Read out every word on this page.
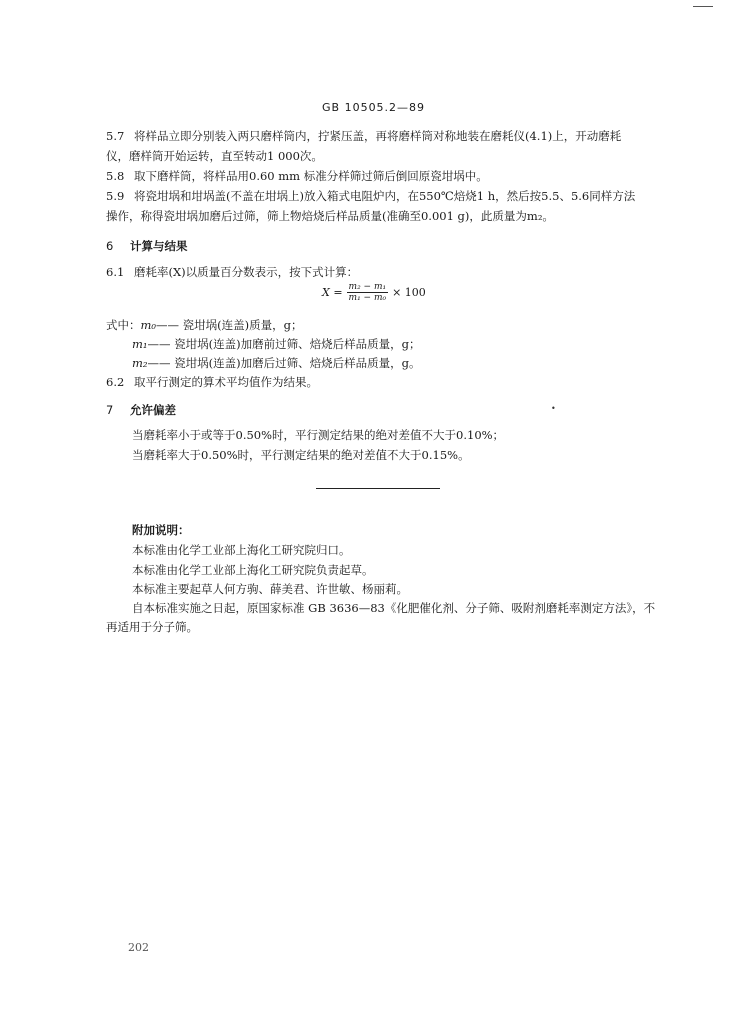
GB 10505.2—89
5.7 将样品立即分别装入两只磨样筒内，拧紧压盖，再将磨样筒对称地装在磨耗仪(4.1)上，开动磨耗
仪，磨样筒开始运转，直至转动1 000次。
5.8 取下磨样筒，将样品用0.60 mm 标准分样筛过筛后倒回原瓷坩埚中。
5.9 将瓷坩埚和坩埚盖(不盖在坩埚上)放入箱式电阻炉内，在550℃焙烧1 h，然后按5.5、5.6同样方法
操作，称得瓷坩埚加磨后过筛，筛上物焙烧后样品质量(准确至0.001 g)，此质量为m₂。
6 计算与结果
6.1 磨耗率(X)以质量百分数表示，按下式计算：
$X = \frac{\text{m₂ − m₁}}{\text{m₁ − m₀}} \times 100$
式中：m₀—— 瓷坩埚(连盖)质量，g；
m₁—— 瓷坩埚(连盖)加磨前过筛、焙烧后样品质量，g；
m₂—— 瓷坩埚(连盖)加磨后过筛、焙烧后样品质量，g。
6.2 取平行测定的算术平均值作为结果。
7 允许偏差	•
当磨耗率小于或等于0.50%时，平行测定结果的绝对差值不大于0.10%；
当磨耗率大于0.50%时，平行测定结果的绝对差值不大于0.15%。
附加说明：
本标准由化学工业部上海化工研究院归口。
本标准由化学工业部上海化工研究院负责起草。
本标准主要起草人何方驹、薛美君、许世敏、杨丽莉。
自本标准实施之日起，原国家标准 GB 3636—83《化肥催化剂、分子筛、吸附剂磨耗率测定方法》，不
再适用于分子筛。
202
